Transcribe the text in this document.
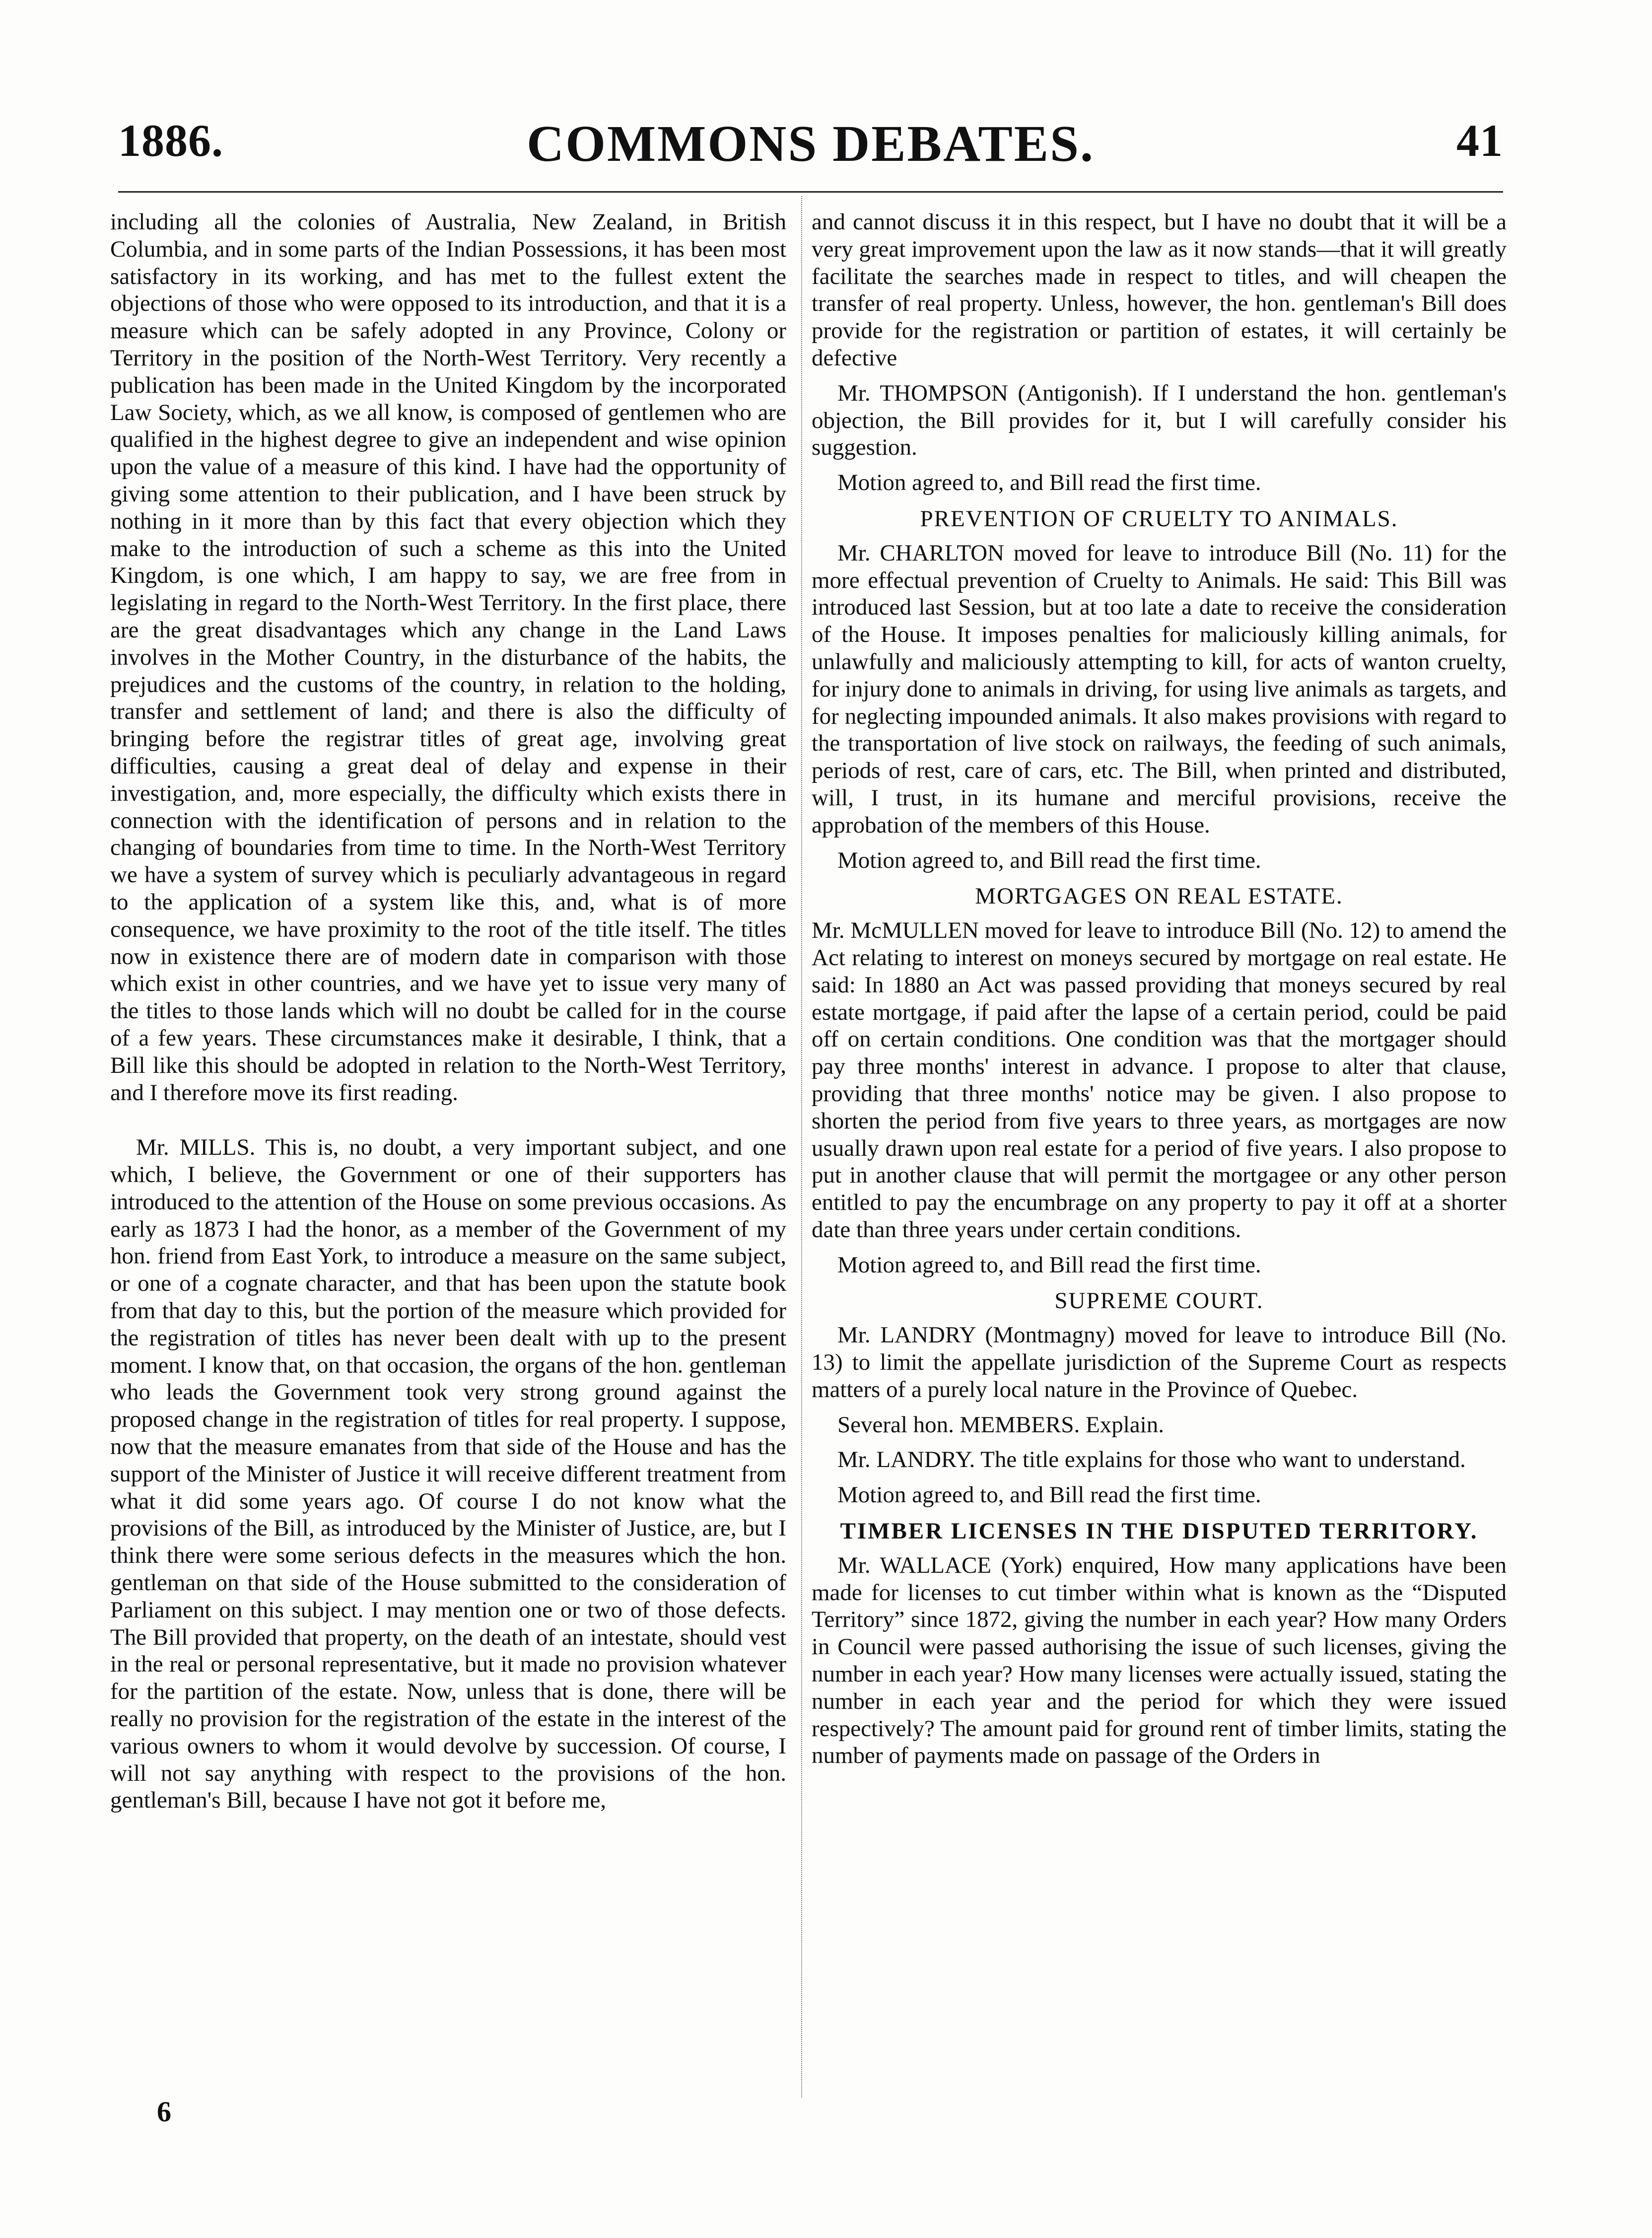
COMMONS DEBATES.
1886.	41

including all the colonies of Australia, New Zealand, in British Columbia, and in some parts of the Indian Possessions, it has been most satisfactory in its working, and has met to the fullest extent the objections of those who were opposed to its introduction, and that it is a measure which can be safely adopted in any Province, Colony or Territory in the position of the North-West Territory. Very recently a publication has been made in the United Kingdom by the incorporated Law Society, which, as we all know, is composed of gentlemen who are qualified in the highest degree to give an independent and wise opinion upon the value of a measure of this kind. I have had the opportunity of giving some attention to their publication, and I have been struck by nothing in it more than by this fact that every objection which they make to the introduction of such a scheme as this into the United Kingdom, is one which, I am happy to say, we are free from in legislating in regard to the North-West Territory. In the first place, there are the great disadvantages which any change in the Land Laws involves in the Mother Country, in the disturbance of the habits, the prejudices and the customs of the country, in relation to the holding, transfer and settlement of land; and there is also the difficulty of bringing before the registrar titles of great age, involving great difficulties, causing a great deal of delay and expense in their investigation, and, more especially, the difficulty which exists there in connection with the identification of persons and in relation to the changing of boundaries from time to time. In the North-West Territory we have a system of survey which is peculiarly advantageous in regard to the application of a system like this, and, what is of more consequence, we have proximity to the root of the title itself. The titles now in existence there are of modern date in comparison with those which exist in other countries, and we have yet to issue very many of the titles to those lands which will no doubt be called for in the course of a few years. These circumstances make it desirable, I think, that a Bill like this should be adopted in relation to the North-West Territory, and I therefore move its first reading.

Mr. MILLS. This is, no doubt, a very important subject, and one which, I believe, the Government or one of their supporters has introduced to the attention of the House on some previous occasions. As early as 1873 I had the honor, as a member of the Government of my hon. friend from East York, to introduce a measure on the same subject, or one of a cognate character, and that has been upon the statute book from that day to this, but the portion of the measure which provided for the registration of titles has never been dealt with up to the present moment. I know that, on that occasion, the organs of the hon. gentleman who leads the Government took very strong ground against the proposed change in the registration of titles for real property. I suppose, now that the measure emanates from that side of the House and has the support of the Minister of Justice it will receive different treatment from what it did some years ago. Of course I do not know what the provisions of the Bill, as introduced by the Minister of Justice, are, but I think there were some serious defects in the measures which the hon. gentleman on that side of the House submitted to the consideration of Parliament on this subject. I may mention one or two of those defects. The Bill provided that property, on the death of an intestate, should vest in the real or personal representative, but it made no provision whatever for the partition of the estate. Now, unless that is done, there will be really no provision for the registration of the estate in the interest of the various owners to whom it would devolve by succession. Of course, I will not say anything with respect to the provisions of the hon. gentleman's Bill, because I have not got it before me,

and cannot discuss it in this respect, but I have no doubt that it will be a very great improvement upon the law as it now stands—that it will greatly facilitate the searches made in respect to titles, and will cheapen the transfer of real property. Unless, however, the hon. gentleman's Bill does provide for the registration or partition of estates, it will certainly be defective

Mr. THOMPSON (Antigonish). If I understand the hon. gentleman's objection, the Bill provides for it, but I will carefully consider his suggestion.

Motion agreed to, and Bill read the first time.

PREVENTION OF CRUELTY TO ANIMALS.

Mr. CHARLTON moved for leave to introduce Bill (No. 11) for the more effectual prevention of Cruelty to Animals. He said: This Bill was introduced last Session, but at too late a date to receive the consideration of the House. It imposes penalties for maliciously killing animals, for unlawfully and maliciously attempting to kill, for acts of wanton cruelty, for injury done to animals in driving, for using live animals as targets, and for neglecting impounded animals. It also makes provisions with regard to the transportation of live stock on railways, the feeding of such animals, periods of rest, care of cars, etc. The Bill, when printed and distributed, will, I trust, in its humane and merciful provisions, receive the approbation of the members of this House.

Motion agreed to, and Bill read the first time.

MORTGAGES ON REAL ESTATE.

Mr. McMULLEN moved for leave to introduce Bill (No. 12) to amend the Act relating to interest on moneys secured by mortgage on real estate. He said: In 1880 an Act was passed providing that moneys secured by real estate mortgage, if paid after the lapse of a certain period, could be paid off on certain conditions. One condition was that the mortgager should pay three months' interest in advance. I propose to alter that clause, providing that three months' notice may be given. I also propose to shorten the period from five years to three years, as mortgages are now usually drawn upon real estate for a period of five years. I also propose to put in another clause that will permit the mortgagee or any other person entitled to pay the encumbrage on any property to pay it off at a shorter date than three years under certain conditions.

Motion agreed to, and Bill read the first time.

SUPREME COURT.

Mr. LANDRY (Montmagny) moved for leave to introduce Bill (No. 13) to limit the appellate jurisdiction of the Supreme Court as respects matters of a purely local nature in the Province of Quebec.

Several hon. MEMBERS. Explain.

Mr. LANDRY. The title explains for those who want to understand.

Motion agreed to, and Bill read the first time.

TIMBER LICENSES IN THE DISPUTED TERRITORY.

Mr. WALLACE (York) enquired, How many applications have been made for licenses to cut timber within what is known as the “Disputed Territory” since 1872, giving the number in each year? How many Orders in Council were passed authorising the issue of such licenses, giving the number in each year? How many licenses were actually issued, stating the number in each year and the period for which they were issued respectively? The amount paid for ground rent of timber limits, stating the number of payments made on passage of the Orders in

6
